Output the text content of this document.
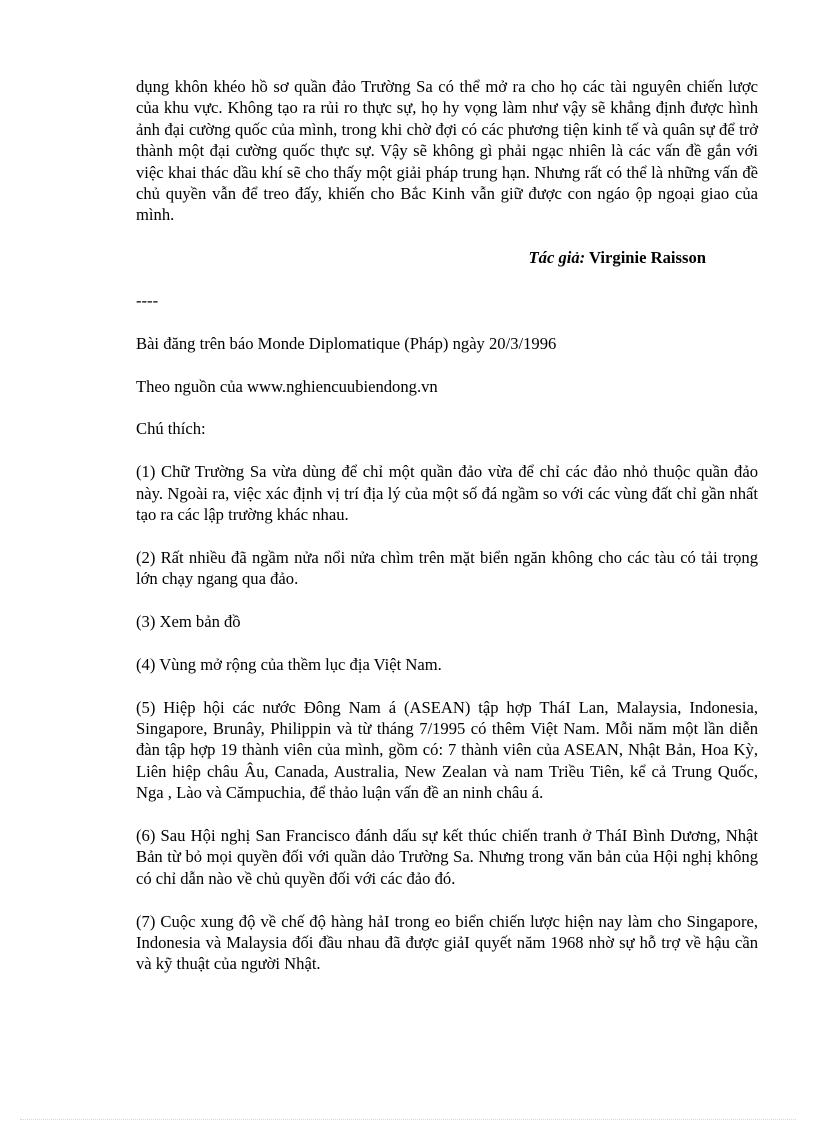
dụng khôn khéo hồ sơ quần đảo Trường Sa có thể mở ra cho họ các tài nguyên chiến lược của khu vực. Không tạo ra rủi ro thực sự, họ hy vọng làm như vậy sẽ khẳng định được hình ảnh đại cường quốc của mình, trong khi chờ đợi có các phương tiện kinh tế và quân sự để trở thành một đại cường quốc thực sự. Vậy sẽ không gì phải ngạc nhiên là các vấn đề gắn với việc khai thác dầu khí sẽ cho thấy một giải pháp trung hạn. Nhưng rất có thể là những vấn đề chủ quyền vẫn để treo đấy, khiến cho Bắc Kinh vẫn giữ được con ngáo ộp ngoại giao của mình.

Tác giả: Virginie Raisson

----

Bài đăng trên báo Monde Diplomatique (Pháp) ngày 20/3/1996

Theo nguồn của www.nghiencuubiendong.vn

Chú thích:

(1) Chữ Trường Sa vừa dùng để chỉ một quần đảo vừa để chỉ các đảo nhỏ thuộc quần đảo này. Ngoài ra, việc xác định vị trí địa lý của một số đá ngầm so với các vùng đất chỉ gần nhất tạo ra các lập trường khác nhau.

(2) Rất nhiều đã ngầm nửa nổi nửa chìm trên mặt biển ngăn không cho các tàu có tải trọng lớn chạy ngang qua đảo.

(3) Xem bản đồ

(4) Vùng mở rộng của thềm lục địa Việt Nam.

(5) Hiệp hội các nước Đông Nam á (ASEAN) tập hợp TháI Lan, Malaysia, Indonesia, Singapore, Brunây, Philippin và từ tháng 7/1995 có thêm Việt Nam. Mỗi năm một lần diễn đàn tập hợp 19 thành viên của mình, gồm có: 7 thành viên của ASEAN, Nhật Bản, Hoa Kỳ, Liên hiệp châu Âu, Canada, Australia, New Zealan và nam Triều Tiên, kể cả Trung Quốc, Nga , Lào và Cămpuchia, để thảo luận vấn đề an ninh châu á.

(6) Sau Hội nghị San Francisco đánh dấu sự kết thúc chiến tranh ở TháI Bình Dương, Nhật Bản từ bỏ mọi quyền đối với quần dảo Trường Sa. Nhưng trong văn bản của Hội nghị không có chỉ dẫn nào về chủ quyền đối với các đảo đó.

(7) Cuộc xung độ về chế độ hàng hảI trong eo biển chiến lược hiện nay làm cho Singapore, Indonesia và Malaysia đối đầu nhau đã được giảI quyết năm 1968 nhờ sự hỗ trợ về hậu cần và kỹ thuật của người Nhật.
